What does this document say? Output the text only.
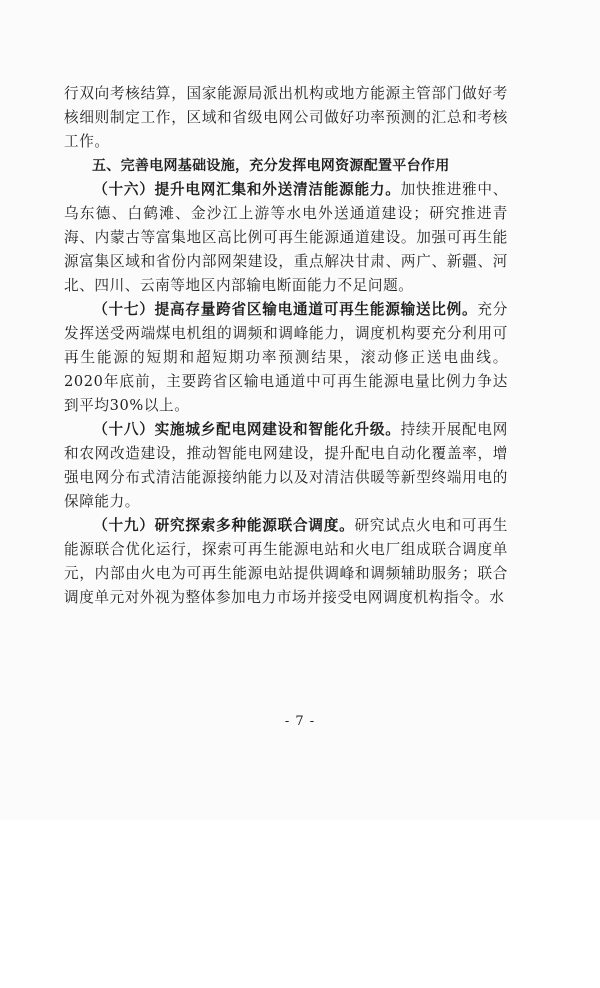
行双向考核结算，国家能源局派出机构或地方能源主管部门做好考核细则制定工作，区域和省级电网公司做好功率预测的汇总和考核工作。

五、完善电网基础设施，充分发挥电网资源配置平台作用

（十六）提升电网汇集和外送清洁能源能力。加快推进雅中、乌东德、白鹤滩、金沙江上游等水电外送通道建设；研究推进青海、内蒙古等富集地区高比例可再生能源通道建设。加强可再生能源富集区域和省份内部网架建设，重点解决甘肃、两广、新疆、河北、四川、云南等地区内部输电断面能力不足问题。

（十七）提高存量跨省区输电通道可再生能源输送比例。充分发挥送受两端煤电机组的调频和调峰能力，调度机构要充分利用可再生能源的短期和超短期功率预测结果，滚动修正送电曲线。2020年底前，主要跨省区输电通道中可再生能源电量比例力争达到平均30%以上。

（十八）实施城乡配电网建设和智能化升级。持续开展配电网和农网改造建设，推动智能电网建设，提升配电自动化覆盖率，增强电网分布式清洁能源接纳能力以及对清洁供暖等新型终端用电的保障能力。

（十九）研究探索多种能源联合调度。研究试点火电和可再生能源联合优化运行，探索可再生能源电站和火电厂组成联合调度单元，内部由火电为可再生能源电站提供调峰和调频辅助服务；联合调度单元对外视为整体参加电力市场并接受电网调度机构指令。水

- 7 -
